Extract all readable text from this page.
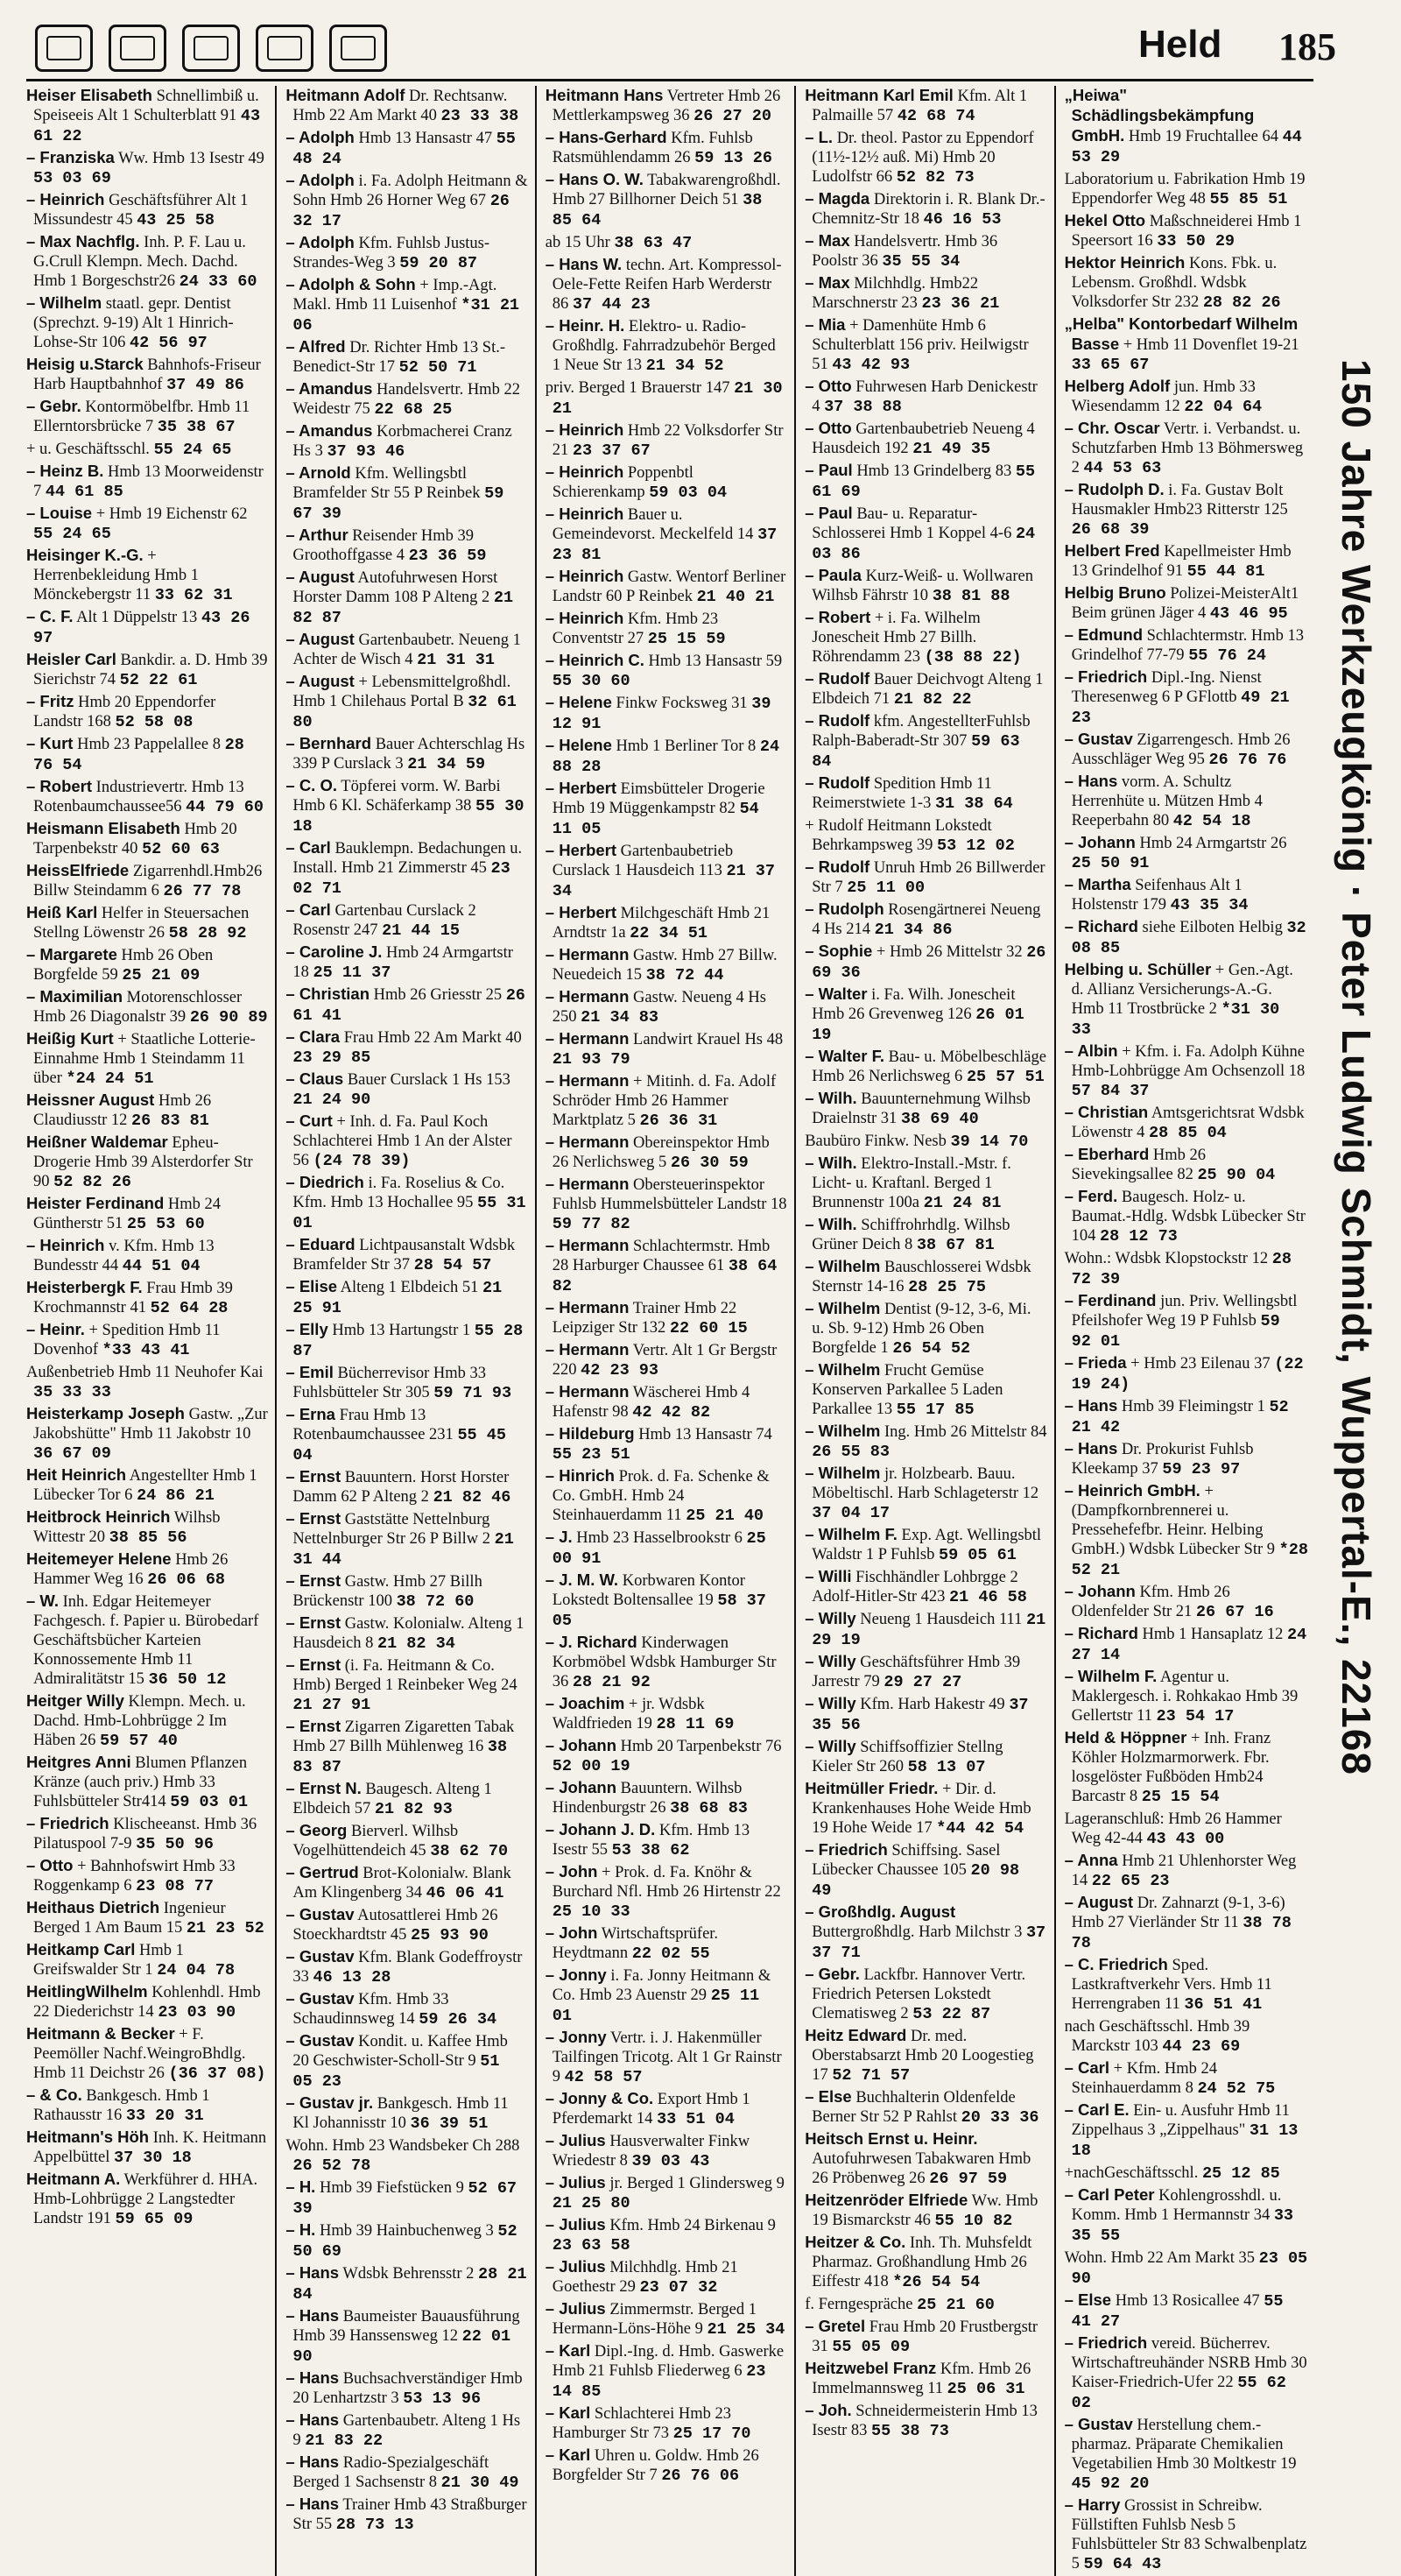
Held 185
Heiser Elisabeth Schnellimbiß u. Speiseeis Alt 1 Schulterblatt 91 43 61 22
– Franziska Ww. Hmb 13 Isestr 49 53 03 69
– Heinrich Geschäftsführer Alt 1 Missundestr 45 43 25 58
– Max Nachflg. Inh. P. F. Lau u. G.Crull Klempn. Mech. Dachd. Hmb 1 Borgeschstr26 24 33 60
– Wilhelm staatl. gepr. Dentist (Sprechzt. 9-19) Alt 1 Hinrich-Lohse-Str 106 42 56 97
Heisig u.Starck Bahnhofs-Friseur Harb Hauptbahnhof 37 49 86
– Gebr. Kontormöbelfbr. Hmb 11 Ellerntorsbrücke 7 35 38 67
+ u. Geschäftsschl. 55 24 65
– Heinz B. Hmb 13 Moorweidenstr 7 44 61 85
– Louise + Hmb 19 Eichenstr 62 55 24 65
Heisinger K.-G. + Herrenbekleidung Hmb 1 Mönckebergstr 11 33 62 31
– C. F. Alt 1 Düppelstr 13 43 26 97
Heisler Carl Bankdir. a. D. Hmb 39 Sierichstr 74 52 22 61
– Fritz Hmb 20 Eppendorfer Landstr 168 52 58 08
– Kurt Hmb 23 Pappelallee 8 28 76 54
– Robert Industrievertr. Hmb 13 Rotenbaumchaussee56 44 79 60
Heismann Elisabeth Hmb 20 Tarpenbekstr 40 52 60 63
HeissElfriede Zigarrenhdl.Hmb26 Billw Steindamm 6 26 77 78
Heiß Karl Helfer in Steuersachen Stellng Löwenstr 26 58 28 92
– Margarete Hmb 26 Oben Borgfelde 59 25 21 09
– Maximilian Motorenschlosser Hmb 26 Diagonalstr 39 26 90 89
Heißig Kurt + Staatliche Lotterie-Einnahme Hmb 1 Steindamm 11 über *24 24 51
Heissner August Hmb 26 Claudiusstr 12 26 83 81
Heißner Waldemar Epheu-Drogerie Hmb 39 Alsterdorfer Str 90 52 82 26
Heister Ferdinand Hmb 24 Güntherstr 51 25 53 60
– Heinrich v. Kfm. Hmb 13 Bundesstr 44 44 51 04
Heisterbergk F. Frau Hmb 39 Krochmannstr 41 52 64 28
– Heinr. + Spedition Hmb 11 Dovenhof *33 43 41
Außenbetrieb Hmb 11 Neuhofer Kai 35 33 33
Heisterkamp Joseph Gastw. „Zur Jakobshütte" Hmb 11 Jakobstr 10 36 67 09
Heit Heinrich Angestellter Hmb 1 Lübecker Tor 6 24 86 21
Heitbrock Heinrich Wilhsb Wittestr 20 38 85 56
Heitemeyer Helene Hmb 26 Hammer Weg 16 26 06 68
– W. Inh. Edgar Heitemeyer Fachgesch. f. Papier u. Bürobedarf Geschäftsbücher Karteien Konnossemente Hmb 11 Admiralitätstr 15 36 50 12
Heitger Willy Klempn. Mech. u. Dachd. Hmb-Lohbrügge 2 Im Häben 26 59 57 40
Heitgres Anni Blumen Pflanzen Kränze (auch priv.) Hmb 33 Fuhlsbütteler Str414 59 03 01
– Friedrich Klischeeanst. Hmb 36 Pilatuspool 7-9 35 50 96
– Otto + Bahnhofswirt Hmb 33 Roggenkamp 6 23 08 77
Heithaus Dietrich Ingenieur Berged 1 Am Baum 15 21 23 52
Heitkamp Carl Hmb 1 Greifswalder Str 1 24 04 78
HeitlingWilhelm Kohlenhdl. Hmb 22 Diederichstr 14 23 03 90
Heitmann & Becker + F. Peemöller Nachf.WeingroBhdlg. Hmb 11 Deichstr 26 (36 37 08)
– & Co. Bankgesch. Hmb 1 Rathausstr 16 33 20 31
Heitmann's Höh Inh. K. Heitmann Appelbüttel 37 30 18
Heitmann A. Werkführer d. HHA. Hmb-Lohbrügge 2 Langstedter Landstr 191 59 65 09
Heitmann Adolf Dr. Rechtsanw. Hmb 22 Am Markt 40 23 33 38
– Adolph Hmb 13 Hansastr 47 55 48 24
– Adolph i. Fa. Adolph Heitmann & Sohn Hmb 26 Horner Weg 67 26 32 17
– Adolph Kfm. Fuhlsb Justus-Strandes-Weg 3 59 20 87
– Adolph & Sohn + Imp.-Agt. Makl. Hmb 11 Luisenhof *31 21 06
– Alfred Dr. Richter Hmb 13 St.-Benedict-Str 17 52 50 71
– Amandus Handelsvertr. Hmb 22 Weidestr 75 22 68 25
– Amandus Korbmacherei Cranz Hs 3 37 93 46
– Arnold Kfm. Wellingsbtl Bramfelder Str 55 P Reinbek 59 67 39
– Arthur Reisender Hmb 39 Groothoffgasse 4 23 36 59
– August Autofuhrwesen Horst Horster Damm 108 P Alteng 2 21 82 87
– August Gartenbaubetr. Neueng 1 Achter de Wisch 4 21 31 31
– August + Lebensmittelgroßhdl. Hmb 1 Chilehaus Portal B 32 61 80
– Bernhard Bauer Achterschlag Hs 339 P Curslack 3 21 34 59
– C. O. Töpferei vorm. W. Barbi Hmb 6 Kl. Schäferkamp 38 55 30 18
– Carl Bauklempn. Bedachungen u. Install. Hmb 21 Zimmerstr 45 23 02 71
– Carl Gartenbau Curslack 2 Rosenstr 247 21 44 15
– Caroline J. Hmb 24 Armgartstr 18 25 11 37
– Christian Hmb 26 Griesstr 25 26 61 41
– Clara Frau Hmb 22 Am Markt 40 23 29 85
– Claus Bauer Curslack 1 Hs 153 21 24 90
– Curt + Inh. d. Fa. Paul Koch Schlachterei Hmb 1 An der Alster 56 (24 78 39)
– Diedrich i. Fa. Roselius & Co. Kfm. Hmb 13 Hochallee 95 55 31 01
– Eduard Lichtpausanstalt Wdsbk Bramfelder Str 37 28 54 57
– Elise Alteng 1 Elbdeich 51 21 25 91
– Elly Hmb 13 Hartungstr 1 55 28 87
– Emil Bücherrevisor Hmb 33 Fuhlsbütteler Str 305 59 71 93
– Erna Frau Hmb 13 Rotenbaumchaussee 231 55 45 04
– Ernst Bauuntern. Horst Horster Damm 62 P Alteng 2 21 82 46
– Ernst Gaststätte Nettelnburg Nettelnburger Str 26 P Billw 2 21 31 44
– Ernst Gastw. Hmb 27 Billh Brückenstr 100 38 72 60
– Ernst Gastw. Kolonialw. Alteng 1 Hausdeich 8 21 82 34
– Ernst (i. Fa. Heitmann & Co. Hmb) Berged 1 Reinbeker Weg 24 21 27 91
– Ernst Zigarren Zigaretten Tabak Hmb 27 Billh Mühlenweg 16 38 83 87
– Ernst N. Baugesch. Alteng 1 Elbdeich 57 21 82 93
– Georg Bierverl. Wilhsb Vogelhüttendeich 45 38 62 70
– Gertrud Brot-Kolonialw. Blank Am Klingenberg 34 46 06 41
– Gustav Autosattlerei Hmb 26 Stoeckhardtstr 45 25 93 90
– Gustav Kfm. Blank Godeffroystr 33 46 13 28
– Gustav Kfm. Hmb 33 Schaudinnsweg 14 59 26 34
– Gustav Kondit. u. Kaffee Hmb 20 Geschwister-Scholl-Str 9 51 05 23
– Gustav jr. Bankgesch. Hmb 11 Kl Johannisstr 10 36 39 51
Wohn. Hmb 23 Wandsbeker Ch 288 26 52 78
– H. Hmb 39 Fiefstücken 9 52 67 39
– H. Hmb 39 Hainbuchenweg 3 52 50 69
– Hans Wdsbk Behrensstr 2 28 21 84
– Hans Baumeister Bauausführung Hmb 39 Hanssensweg 12 22 01 90
– Hans Buchsachverständiger Hmb 20 Lenhartzstr 3 53 13 96
– Hans Gartenbaubetr. Alteng 1 Hs 9 21 83 22
– Hans Radio-Spezialgeschäft Berged 1 Sachsenstr 8 21 30 49
– Hans Trainer Hmb 43 Straßburger Str 55 28 73 13
Heitmann Hans Vertreter Hmb 26 Mettlerkampsweg 36 26 27 20
– Hans-Gerhard Kfm. Fuhlsb Ratsmühlendamm 26 59 13 26
– Hans O. W. Tabakwarengroßhdl. Hmb 27 Billhorner Deich 51 38 85 64
ab 15 Uhr 38 63 47
– Hans W. techn. Art. Kompressol-Oele-Fette Reifen Harb Werderstr 86 37 44 23
– Heinr. H. Elektro- u. Radio-Großhdlg. Fahrradzubehör Berged 1 Neue Str 13 21 34 52
priv. Berged 1 Brauerstr 147 21 30 21
– Heinrich Hmb 22 Volksdorfer Str 21 23 37 67
– Heinrich Poppenbtl Schierenkamp 59 03 04
– Heinrich Bauer u. Gemeindevorst. Meckelfeld 14 37 23 81
– Heinrich Gastw. Wentorf Berliner Landstr 60 P Reinbek 21 40 21
– Heinrich Kfm. Hmb 23 Conventstr 27 25 15 59
– Heinrich C. Hmb 13 Hansastr 59 55 30 60
– Helene Finkw Focksweg 31 39 12 91
– Helene Hmb 1 Berliner Tor 8 24 88 28
– Herbert Eimsbütteler Drogerie Hmb 19 Müggenkampstr 82 54 11 05
– Herbert Gartenbaubetrieb Curslack 1 Hausdeich 113 21 37 34
– Herbert Milchgeschäft Hmb 21 Arndtstr 1a 22 34 51
– Hermann Gastw. Hmb 27 Billw. Neuedeich 15 38 72 44
– Hermann Gastw. Neueng 4 Hs 250 21 34 83
– Hermann Landwirt Krauel Hs 48 21 93 79
– Hermann + Mitinh. d. Fa. Adolf Schröder Hmb 26 Hammer Marktplatz 5 26 36 31
– Hermann Obereinspektor Hmb 26 Nerlichsweg 5 26 30 59
– Hermann Obersteuerinspektor Fuhlsb Hummelsbütteler Landstr 18 59 77 82
– Hermann Schlachtermstr. Hmb 28 Harburger Chaussee 61 38 64 82
– Hermann Trainer Hmb 22 Leipziger Str 132 22 60 15
– Hermann Vertr. Alt 1 Gr Bergstr 220 42 23 93
– Hermann Wäscherei Hmb 4 Hafenstr 98 42 42 82
– Hildeburg Hmb 13 Hansastr 74 55 23 51
– Hinrich Prok. d. Fa. Schenke & Co. GmbH. Hmb 24 Steinhauerdamm 11 25 21 40
– J. Hmb 23 Hasselbrookstr 6 25 00 91
– J. M. W. Korbwaren Kontor Lokstedt Boltensallee 19 58 37 05
– J. Richard Kinderwagen Korbmöbel Wdsbk Hamburger Str 36 28 21 92
– Joachim + jr. Wdsbk Waldfrieden 19 28 11 69
– Johann Hmb 20 Tarpenbekstr 76 52 00 19
– Johann Bauuntern. Wilhsb Hindenburgstr 26 38 68 83
– Johann J. D. Kfm. Hmb 13 Isestr 55 53 38 62
– John + Prok. d. Fa. Knöhr & Burchard Nfl. Hmb 26 Hirtenstr 22 25 10 33
– John Wirtschaftsprüfer. Heydtmann 22 02 55
– Jonny i. Fa. Jonny Heitmann & Co. Hmb 23 Auenstr 29 25 11 01
– Jonny Vertr. i. J. Hakenmüller Tailfingen Tricotg. Alt 1 Gr Rainstr 9 42 58 57
– Jonny & Co. Export Hmb 1 Pferdemarkt 14 33 51 04
– Julius Hausverwalter Finkw Wriedestr 8 39 03 43
– Julius jr. Berged 1 Glindersweg 9 21 25 80
– Julius Kfm. Hmb 24 Birkenau 9 23 63 58
– Julius Milchhdlg. Hmb 21 Goethestr 29 23 07 32
– Julius Zimmermstr. Berged 1 Hermann-Löns-Höhe 9 21 25 34
– Karl Dipl.-Ing. d. Hmb. Gaswerke Hmb 21 Fuhlsb Fliederweg 6 23 14 85
– Karl Schlachterei Hmb 23 Hamburger Str 73 25 17 70
– Karl Uhren u. Goldw. Hmb 26 Borgfelder Str 7 26 76 06
Heitmann Karl Emil Kfm. Alt 1 Palmaille 57 42 68 74
– L. Dr. theol. Pastor zu Eppendorf (11½-12½ auß. Mi) Hmb 20 Ludolfstr 66 52 82 73
– Magda Direktorin i. R. Blank Dr.-Chemnitz-Str 18 46 16 53
– Max Handelsvertr. Hmb 36 Poolstr 36 35 55 34
– Max Milchhdlg. Hmb22 Marschnerstr 23 23 36 21
– Mia + Damenhüte Hmb 6 Schulterblatt 156 priv. Heilwigstr 51 43 42 93
– Otto Fuhrwesen Harb Denickestr 4 37 38 88
– Otto Gartenbaubetrieb Neueng 4 Hausdeich 192 21 49 35
– Paul Hmb 13 Grindelberg 83 55 61 69
– Paul Bau- u. Reparatur-Schlosserei Hmb 1 Koppel 4-6 24 03 86
– Paula Kurz-Weiß- u. Wollwaren Wilhsb Fährstr 10 38 81 88
– Robert + i. Fa. Wilhelm Jonescheit Hmb 27 Billh. Röhrendamm 23 (38 88 22)
– Rudolf Bauer Deichvogt Alteng 1 Elbdeich 71 21 82 22
– Rudolf kfm. AngestellterFuhlsb Ralph-Baberadt-Str 307 59 63 84
– Rudolf Spedition Hmb 11 Reimerstwiete 1-3 31 38 64
+ Rudolf Heitmann Lokstedt Behrkampsweg 39 53 12 02
– Rudolf Unruh Hmb 26 Billwerder Str 7 25 11 00
– Rudolph Rosengärtnerei Neueng 4 Hs 214 21 34 86
– Sophie + Hmb 26 Mittelstr 32 26 69 36
– Walter i. Fa. Wilh. Jonescheit Hmb 26 Grevenweg 126 26 01 19
– Walter F. Bau- u. Möbelbeschläge Hmb 26 Nerlichsweg 6 25 57 51
– Wilh. Bauunternehmung Wilhsb Draielnstr 31 38 69 40
Baubüro Finkw. Nesb 39 14 70
– Wilh. Elektro-Install.-Mstr. f. Licht- u. Kraftanl. Berged 1 Brunnenstr 100a 21 24 81
– Wilh. Schiffrohrhdlg. Wilhsb Grüner Deich 8 38 67 81
– Wilhelm Bauschlosserei Wdsbk Sternstr 14-16 28 25 75
– Wilhelm Dentist (9-12, 3-6, Mi. u. Sb. 9-12) Hmb 26 Oben Borgfelde 1 26 54 52
– Wilhelm Frucht Gemüse Konserven Parkallee 5 Laden Parkallee 13 55 17 85
– Wilhelm Ing. Hmb 26 Mittelstr 84 26 55 83
– Wilhelm jr. Holzbearb. Bauu. Möbeltischl. Harb Schlageterstr 12 37 04 17
– Wilhelm F. Exp. Agt. Wellingsbtl Waldstr 1 P Fuhlsb 59 05 61
– Willi Fischhändler Lohbrgge 2 Adolf-Hitler-Str 423 21 46 58
– Willy Neueng 1 Hausdeich 111 21 29 19
– Willy Geschäftsführer Hmb 39 Jarrestr 79 29 27 27
– Willy Kfm. Harb Hakestr 49 37 35 56
– Willy Schiffsoffizier Stellng Kieler Str 260 58 13 07
Heitmüller Friedr. + Dir. d. Krankenhauses Hohe Weide Hmb 19 Hohe Weide 17 *44 42 54
– Friedrich Schiffsing. Sasel Lübecker Chaussee 105 20 98 49
– Großhdlg. August Buttergroßhdlg. Harb Milchstr 3 37 37 71
– Gebr. Lackfbr. Hannover Vertr. Friedrich Petersen Lokstedt Clematisweg 2 53 22 87
Heitz Edward Dr. med. Oberstabsarzt Hmb 20 Loogestieg 17 52 71 57
– Else Buchhalterin Oldenfelde Berner Str 52 P Rahlst 20 33 36
Heitsch Ernst u. Heinr. Autofuhrwesen Tabakwaren Hmb 26 Pröbenweg 26 26 97 59
Heitzenröder Elfriede Ww. Hmb 19 Bismarckstr 46 55 10 82
Heitzer & Co. Inh. Th. Muhsfeldt Pharmaz. Großhandlung Hmb 26 Eiffestr 418 *26 54 54
f. Ferngespräche 25 21 60
– Gretel Frau Hmb 20 Frustbergstr 31 55 05 09
Heitzwebel Franz Kfm. Hmb 26 Immelmannsweg 11 25 06 31
– Joh. Schneidermeisterin Hmb 13 Isestr 83 55 38 73
„Heiwa" Schädlingsbekämpfung GmbH. Hmb 19 Fruchtallee 64 44 53 29
Laboratorium u. Fabrikation Hmb 19 Eppendorfer Weg 48 55 85 51
Hekel Otto Maßschneiderei Hmb 1 Speersort 16 33 50 29
Hektor Heinrich Kons. Fbk. u. Lebensm. Großhdl. Wdsbk Volksdorfer Str 232 28 82 26
„Helba" Kontorbedarf Wilhelm Basse + Hmb 11 Dovenflet 19-21 33 65 67
Helberg Adolf jun. Hmb 33 Wiesendamm 12 22 04 64
– Chr. Oscar Vertr. i. Verbandst. u. Schutzfarben Hmb 13 Böhmersweg 2 44 53 63
– Rudolph D. i. Fa. Gustav Bolt Hausmakler Hmb23 Ritterstr 125 26 68 39
Helbert Fred Kapellmeister Hmb 13 Grindelhof 91 55 44 81
Helbig Bruno Polizei-MeisterAlt1 Beim grünen Jäger 4 43 46 95
– Edmund Schlachtermstr. Hmb 13 Grindelhof 77-79 55 76 24
– Friedrich Dipl.-Ing. Nienst Theresenweg 6 P GFlottb 49 21 23
– Gustav Zigarrengesch. Hmb 26 Ausschläger Weg 95 26 76 76
– Hans vorm. A. Schultz Herrenhüte u. Mützen Hmb 4 Reeperbahn 80 42 54 18
– Johann Hmb 24 Armgartstr 26 25 50 91
– Martha Seifenhaus Alt 1 Holstenstr 179 43 35 34
– Richard siehe Eilboten Helbig 32 08 85
Helbing u. Schüller + Gen.-Agt. d. Allianz Versicherungs-A.-G. Hmb 11 Trostbrücke 2 *31 30 33
– Albin + Kfm. i. Fa. Adolph Kühne Hmb-Lohbrügge Am Ochsenzoll 18 57 84 37
– Christian Amtsgerichtsrat Wdsbk Löwenstr 4 28 85 04
– Eberhard Hmb 26 Sievekingsallee 82 25 90 04
– Ferd. Baugesch. Holz- u. Baumat.-Hdlg. Wdsbk Lübecker Str 104 28 12 73
Wohn.: Wdsbk Klopstockstr 12 28 72 39
– Ferdinand jun. Priv. Wellingsbtl Pfeilshofer Weg 19 P Fuhlsb 59 92 01
– Frieda + Hmb 23 Eilenau 37 (22 19 24)
– Hans Hmb 39 Fleimingstr 1 52 21 42
– Hans Dr. Prokurist Fuhlsb Kleekamp 37 59 23 97
– Heinrich GmbH. + (Dampfkornbrennerei u. Pressehefefbr. Heinr. Helbing GmbH.) Wdsbk Lübecker Str 9 *28 52 21
– Johann Kfm. Hmb 26 Oldenfelder Str 21 26 67 16
– Richard Hmb 1 Hansaplatz 12 24 27 14
– Wilhelm F. Agentur u. Maklergesch. i. Rohkakao Hmb 39 Gellertstr 11 23 54 17
Held & Höppner + Inh. Franz Köhler Holzmarmorwerk. Fbr. losgelöster Fußböden Hmb24 Barcastr 8 25 15 54
Lageranschluß: Hmb 26 Hammer Weg 42-44 43 43 00
– Anna Hmb 21 Uhlenhorster Weg 14 22 65 23
– August Dr. Zahnarzt (9-1, 3-6) Hmb 27 Vierländer Str 11 38 78 78
– C. Friedrich Sped. Lastkraftverkehr Vers. Hmb 11 Herrengraben 11 36 51 41
nach Geschäftsschl. Hmb 39 Marckstr 103 44 23 69
– Carl + Kfm. Hmb 24 Steinhauerdamm 8 24 52 75
– Carl E. Ein- u. Ausfuhr Hmb 11 Zippelhaus 3 „Zippelhaus" 31 13 18
+nachGeschäftsschl. 25 12 85
– Carl Peter Kohlengrosshdl. u. Komm. Hmb 1 Hermannstr 34 33 35 55
Wohn. Hmb 22 Am Markt 35 23 05 90
– Else Hmb 13 Rosicallee 47 55 41 27
– Friedrich vereid. Bücherrev. Wirtschaftreuhänder NSRB Hmb 30 Kaiser-Friedrich-Ufer 22 55 62 02
– Gustav Herstellung chem.-pharmaz. Präparate Chemikalien Vegetabilien Hmb 30 Moltkestr 19 45 92 20
– Harry Grossist in Schreibw. Füllstiften Fuhlsb Nesb 5 Fuhlsbütteler Str 83 Schwalbenplatz 5 59 64 43
150 Jahre Werkzeugkönig · Peter Ludwig Schmidt, Wuppertal-E., 22168
